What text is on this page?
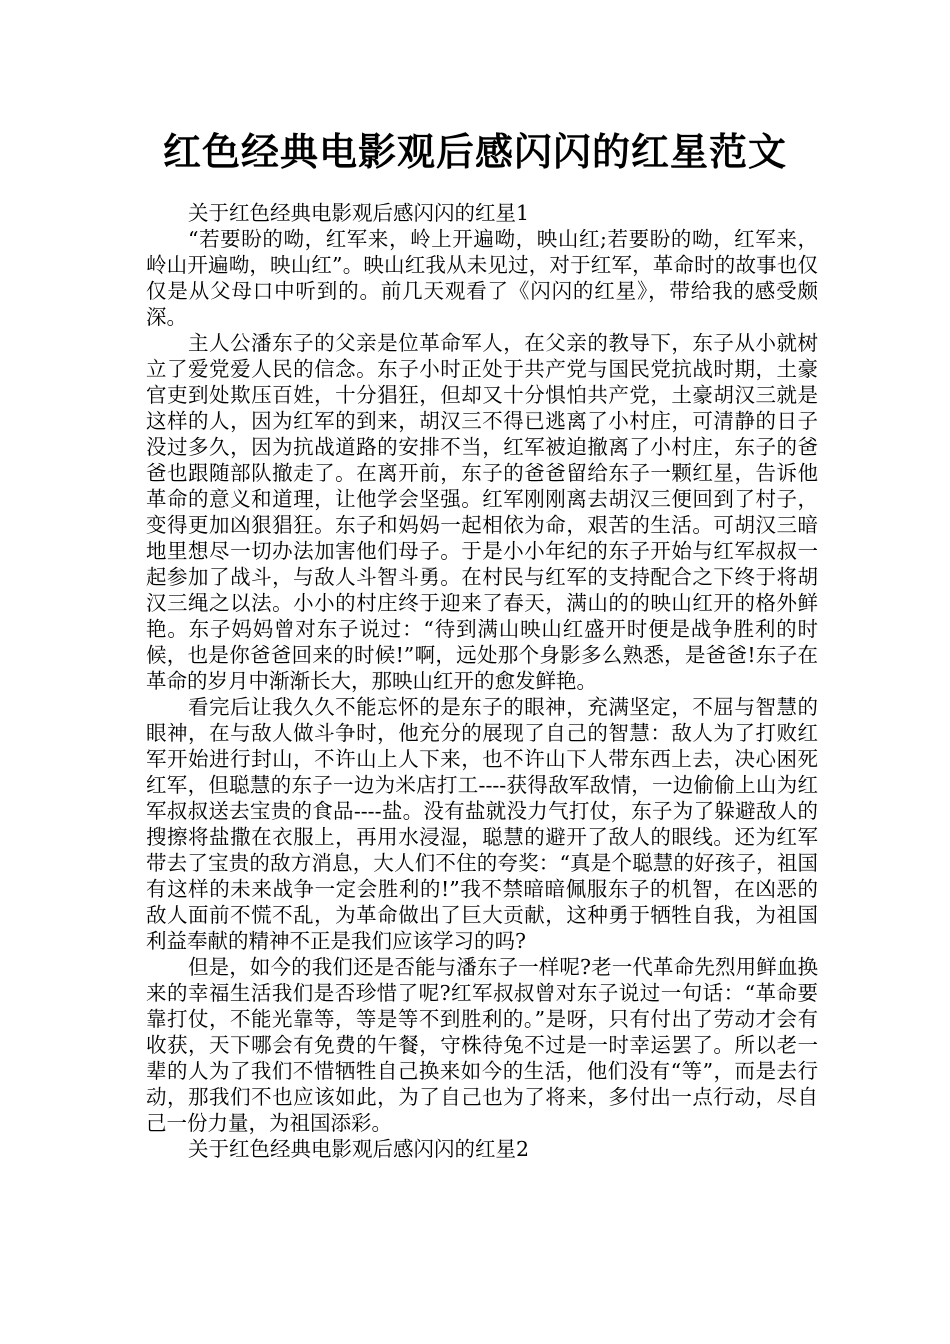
红色经典电影观后感闪闪的红星范文

关于红色经典电影观后感闪闪的红星1

“若要盼的呦，红军来，岭上开遍呦，映山红;若要盼的呦，红军来，岭山开遍呦，映山红”。映山红我从未见过，对于红军，革命时的故事也仅仅是从父母口中听到的。前几天观看了《闪闪的红星》，带给我的感受颇深。

主人公潘东子的父亲是位革命军人，在父亲的教导下，东子从小就树立了爱党爱人民的信念。东子小时正处于共产党与国民党抗战时期，土豪官吏到处欺压百姓，十分猖狂，但却又十分惧怕共产党，土豪胡汉三就是这样的人，因为红军的到来，胡汉三不得已逃离了小村庄，可清静的日子没过多久，因为抗战道路的安排不当，红军被迫撤离了小村庄，东子的爸爸也跟随部队撤走了。在离开前，东子的爸爸留给东子一颗红星，告诉他革命的意义和道理，让他学会坚强。红军刚刚离去胡汉三便回到了村子，变得更加凶狠猖狂。东子和妈妈一起相依为命，艰苦的生活。可胡汉三暗地里想尽一切办法加害他们母子。于是小小年纪的东子开始与红军叔叔一起参加了战斗，与敌人斗智斗勇。在村民与红军的支持配合之下终于将胡汉三绳之以法。小小的村庄终于迎来了春天，满山的的映山红开的格外鲜艳。东子妈妈曾对东子说过：“待到满山映山红盛开时便是战争胜利的时候，也是你爸爸回来的时候!”啊，远处那个身影多么熟悉，是爸爸!东子在革命的岁月中渐渐长大，那映山红开的愈发鲜艳。

看完后让我久久不能忘怀的是东子的眼神，充满坚定，不屈与智慧的眼神，在与敌人做斗争时，他充分的展现了自己的智慧：敌人为了打败红军开始进行封山，不许山上人下来，也不许山下人带东西上去，决心困死红军，但聪慧的东子一边为米店打工----获得敌军敌情，一边偷偷上山为红军叔叔送去宝贵的食品----盐。没有盐就没力气打仗，东子为了躲避敌人的搜擦将盐撒在衣服上，再用水浸湿，聪慧的避开了敌人的眼线。还为红军带去了宝贵的敌方消息，大人们不住的夸奖：“真是个聪慧的好孩子，祖国有这样的未来战争一定会胜利的!”我不禁暗暗佩服东子的机智，在凶恶的敌人面前不慌不乱，为革命做出了巨大贡献，这种勇于牺牲自我，为祖国利益奉献的精神不正是我们应该学习的吗?

但是，如今的我们还是否能与潘东子一样呢?老一代革命先烈用鲜血换来的幸福生活我们是否珍惜了呢?红军叔叔曾对东子说过一句话：“革命要靠打仗，不能光靠等，等是等不到胜利的。”是呀，只有付出了劳动才会有收获，天下哪会有免费的午餐，守株待兔不过是一时幸运罢了。所以老一辈的人为了我们不惜牺牲自己换来如今的生活，他们没有“等”，而是去行动，那我们不也应该如此，为了自己也为了将来，多付出一点行动，尽自己一份力量，为祖国添彩。

关于红色经典电影观后感闪闪的红星2
